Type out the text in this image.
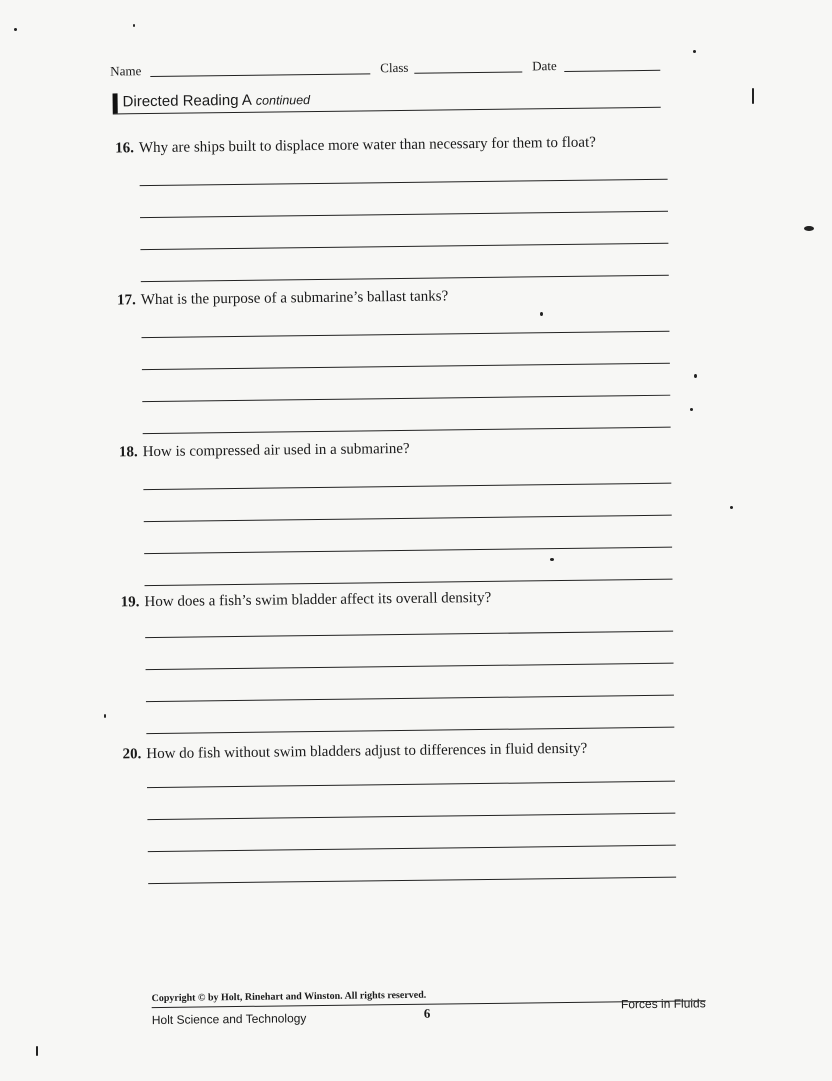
Name	Class	Date
Directed Reading A continued
16. Why are ships built to displace more water than necessary for them to float?
17. What is the purpose of a submarine’s ballast tanks?
18. How is compressed air used in a submarine?
19. How does a fish’s swim bladder affect its overall density?
20. How do fish without swim bladders adjust to differences in fluid density?
Copyright © by Holt, Rinehart and Winston. All rights reserved.
Holt Science and Technology	6
Forces in Fluids
